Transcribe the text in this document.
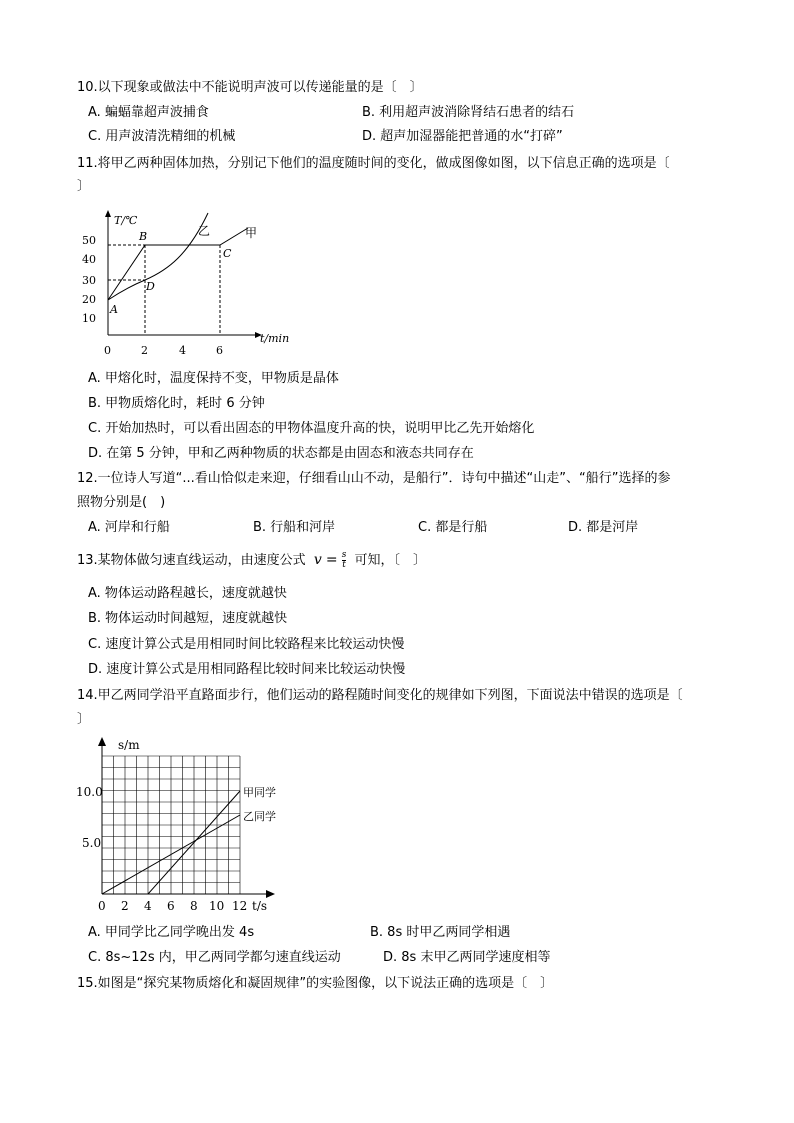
10.以下现象或做法中不能说明声波可以传递能量的是〔　〕
A. 蝙蝠靠超声波捕食	B. 利用超声波消除肾结石患者的结石
C. 用声波清洗精细的机械	D. 超声加湿器能把普通的水“打碎”
11.将甲乙两种固体加热，分别记下他们的温度随时间的变化，做成图像如图，以下信息正确的选项是〔
〕
T/℃
t/min
50
40
30
20
10
0	2	4	6
A
B
C
D
乙	甲
A. 甲熔化时，温度保持不变，甲物质是晶体
B. 甲物质熔化时，耗时 6 分钟
C. 开始加热时，可以看出固态的甲物体温度升高的快，说明甲比乙先开始熔化
D. 在第 5 分钟，甲和乙两种物质的状态都是由固态和液态共同存在
12.一位诗人写道“...看山恰似走来迎，仔细看山山不动，是船行”．诗句中描述“山走”、“船行”选择的参
照物分别是(　)
A. 河岸和行船	B. 行船和河岸	C. 都是行船	D. 都是河岸
13.某物体做匀速直线运动，由速度公式 $v = \frac{s}{t}$ 可知，〔　〕
A. 物体运动路程越长，速度就越快
B. 物体运动时间越短，速度就越快
C. 速度计算公式是用相同时间比较路程来比较运动快慢
D. 速度计算公式是用相同路程比较时间来比较运动快慢
14.甲乙两同学沿平直路面步行，他们运动的路程随时间变化的规律如下列图，下面说法中错误的选项是〔
〕
s/m
t/s
10.0
5.0
0 2 4 6 8 10 12
甲同学
乙同学
A. 甲同学比乙同学晚出发 4s	B. 8s 时甲乙两同学相遇
C. 8s~12s 内，甲乙两同学都匀速直线运动	D. 8s 末甲乙两同学速度相等
15.如图是“探究某物质熔化和凝固规律”的实验图像，以下说法正确的选项是〔　〕
